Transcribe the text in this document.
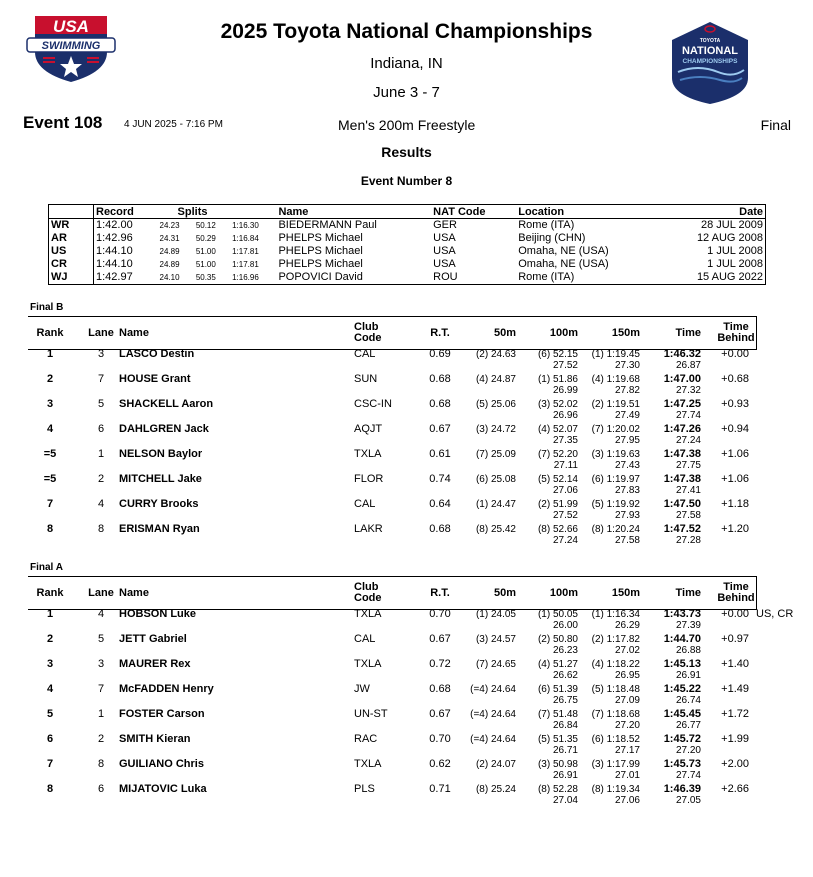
USA
SWIMMING	TOYOTA
NATIONAL
CHAMPIONSHIPS
2025 Toyota National Championships
Indiana, IN
June 3 - 7
Event 108 4 JUN 2025 - 7:16 PM	Men's 200m Freestyle	Final
Results
Event Number 8
	Record	Splits			Name	NAT Code	Location	Date
WR	1:42.00	24.23	50.12	1:16.30	BIEDERMANN Paul	GER	Rome (ITA)	28 JUL 2009
AR	1:42.96	24.31	50.29	1:16.84	PHELPS Michael	USA	Beijing (CHN)	12 AUG 2008
US	1:44.10	24.89	51.00	1:17.81	PHELPS Michael	USA	Omaha, NE (USA)	1 JUL 2008
CR	1:44.10	24.89	51.00	1:17.81	PHELPS Michael	USA	Omaha, NE (USA)	1 JUL 2008
WJ	1:42.97	24.10	50.35	1:16.96	POPOVICI David	ROU	Rome (ITA)	15 AUG 2022
Final B
Rank	Lane Name	R.T.	50m	100m	150m	Time
Club
Code
Time
Behind
1	3	LASCO Destin	CAL	0.69	(2) 24.63	(6) 52.15	(1) 1:19.45	1:46.32	+0.00
27.52	27.30	26.87
2	7	HOUSE Grant	SUN	0.68	(4) 24.87	(1) 51.86	(4) 1:19.68	1:47.00	+0.68
26.99	27.82	27.32
3	5	SHACKELL Aaron	CSC-IN	0.68	(5) 25.06	(3) 52.02	(2) 1:19.51	1:47.25	+0.93
26.96	27.49	27.74
4	6	DAHLGREN Jack	AQJT	0.67	(3) 24.72	(4) 52.07	(7) 1:20.02	1:47.26	+0.94
27.35	27.95	27.24
=5	1	NELSON Baylor	TXLA	0.61	(7) 25.09	(7) 52.20	(3) 1:19.63	1:47.38	+1.06
27.11	27.43	27.75
=5	2	MITCHELL Jake	FLOR	0.74	(6) 25.08	(5) 52.14	(6) 1:19.97	1:47.38	+1.06
27.06	27.83	27.41
7	4	CURRY Brooks	CAL	0.64	(1) 24.47	(2) 51.99	(5) 1:19.92	1:47.50	+1.18
27.52	27.93	27.58
8	8	ERISMAN Ryan	LAKR	0.68	(8) 25.42	(8) 52.66	(8) 1:20.24	1:47.52	+1.20
27.24	27.58	27.28
Final A
Rank	Lane Name	R.T.	50m	100m	150m	Time
Club
Code
Time
Behind
1	4	HOBSON Luke	TXLA	0.70	(1) 24.05	(1) 50.05	(1) 1:16.34	1:43.73	+0.00 US, CR
26.00	26.29	27.39
2	5	JETT Gabriel	CAL	0.67	(3) 24.57	(2) 50.80	(2) 1:17.82	1:44.70	+0.97
26.23	27.02	26.88
3	3	MAURER Rex	TXLA	0.72	(7) 24.65	(4) 51.27	(4) 1:18.22	1:45.13	+1.40
26.62	26.95	26.91
4	7	McFADDEN Henry	JW	0.68	(=4) 24.64	(6) 51.39	(5) 1:18.48	1:45.22	+1.49
26.75	27.09	26.74
5	1	FOSTER Carson	UN-ST	0.67	(=4) 24.64	(7) 51.48	(7) 1:18.68	1:45.45	+1.72
26.84	27.20	26.77
6	2	SMITH Kieran	RAC	0.70	(=4) 24.64	(5) 51.35	(6) 1:18.52	1:45.72	+1.99
26.71	27.17	27.20
7	8	GUILIANO Chris	TXLA	0.62	(2) 24.07	(3) 50.98	(3) 1:17.99	1:45.73	+2.00
26.91	27.01	27.74
8	6	MIJATOVIC Luka	PLS	0.71	(8) 25.24	(8) 52.28	(8) 1:19.34	1:46.39	+2.66
27.04	27.06	27.05
